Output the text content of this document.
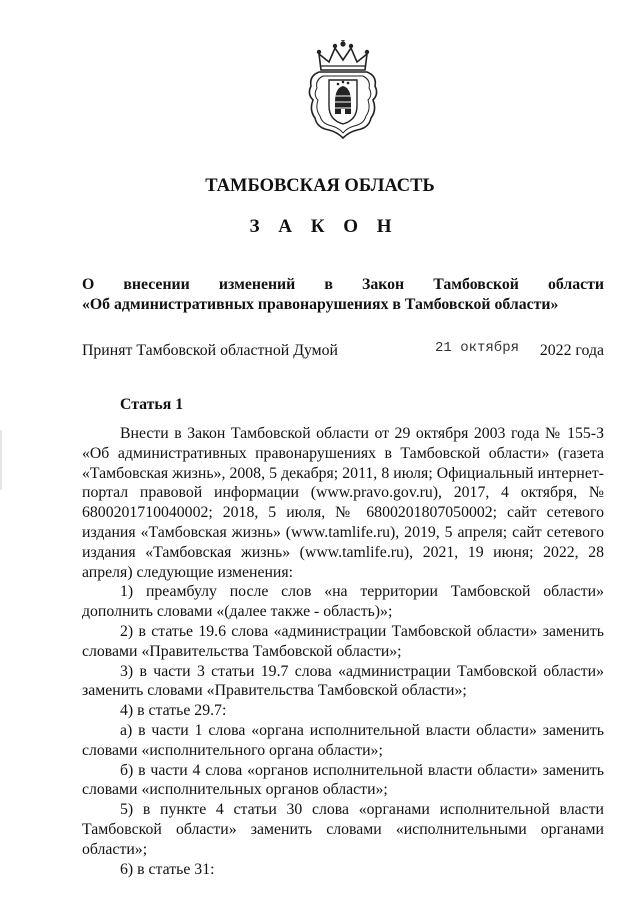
ТАМБОВСКАЯ ОБЛАСТЬ
З А К О Н
О внесении изменений в Закон Тамбовской области
«Об административных правонарушениях в Тамбовской области»
Принят Тамбовской областной Думой	21 октября 2022 года
Статья 1

Внести в Закон Тамбовской области от 29 октября 2003 года № 155-З «Об административных правонарушениях в Тамбовской области» (газета «Тамбовская жизнь», 2008, 5 декабря; 2011, 8 июля; Официальный интернет-портал правовой информации (www.pravo.gov.ru), 2017, 4 октября, № 6800201710040002; 2018, 5 июля, № 6800201807050002; сайт сетевого издания «Тамбовская жизнь» (www.tamlife.ru), 2019, 5 апреля; сайт сетевого издания «Тамбовская жизнь» (www.tamlife.ru), 2021, 19 июня; 2022, 28 апреля) следующие изменения:

1) преамбулу после слов «на территории Тамбовской области» дополнить словами «(далее также - область)»;

2) в статье 19.6 слова «администрации Тамбовской области» заменить словами «Правительства Тамбовской области»;

3) в части 3 статьи 19.7 слова «администрации Тамбовской области» заменить словами «Правительства Тамбовской области»;

4) в статье 29.7:

а) в части 1 слова «органа исполнительной власти области» заменить словами «исполнительного органа области»;

б) в части 4 слова «органов исполнительной власти области» заменить словами «исполнительных органов области»;

5) в пункте 4 статьи 30 слова «органами исполнительной власти Тамбовской области» заменить словами «исполнительными органами области»;

6) в статье 31:
